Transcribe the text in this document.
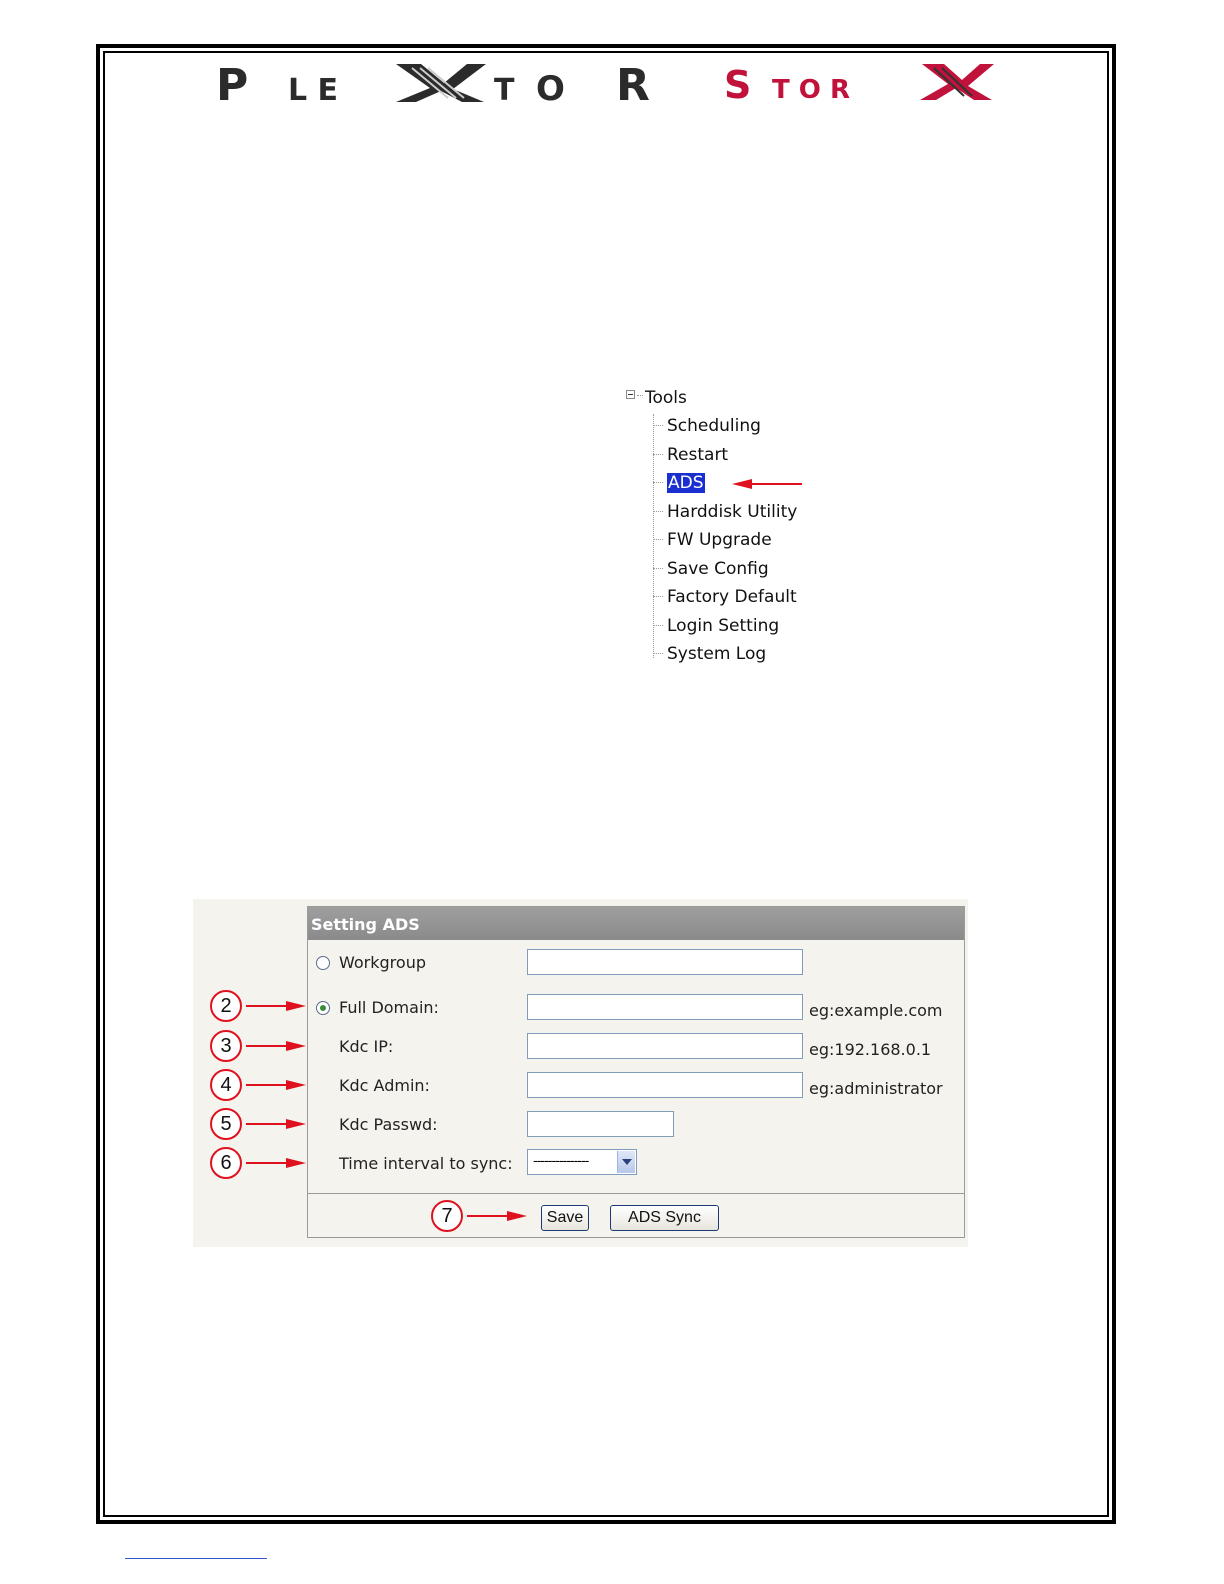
P L E	T O R S T O R
Tools
Scheduling
Restart
ADS
Harddisk Utility
FW Upgrade
Save Config
Factory Default
Login Setting
System Log
Setting ADS
Workgroup
Full Domain:	eg:example.com
Kdc IP:	eg:192.168.0.1
Kdc Admin:	eg:administrator
Kdc Passwd:
Time interval to sync: ---------------
Save	ADS Sync
2
3
4
5
6
7
